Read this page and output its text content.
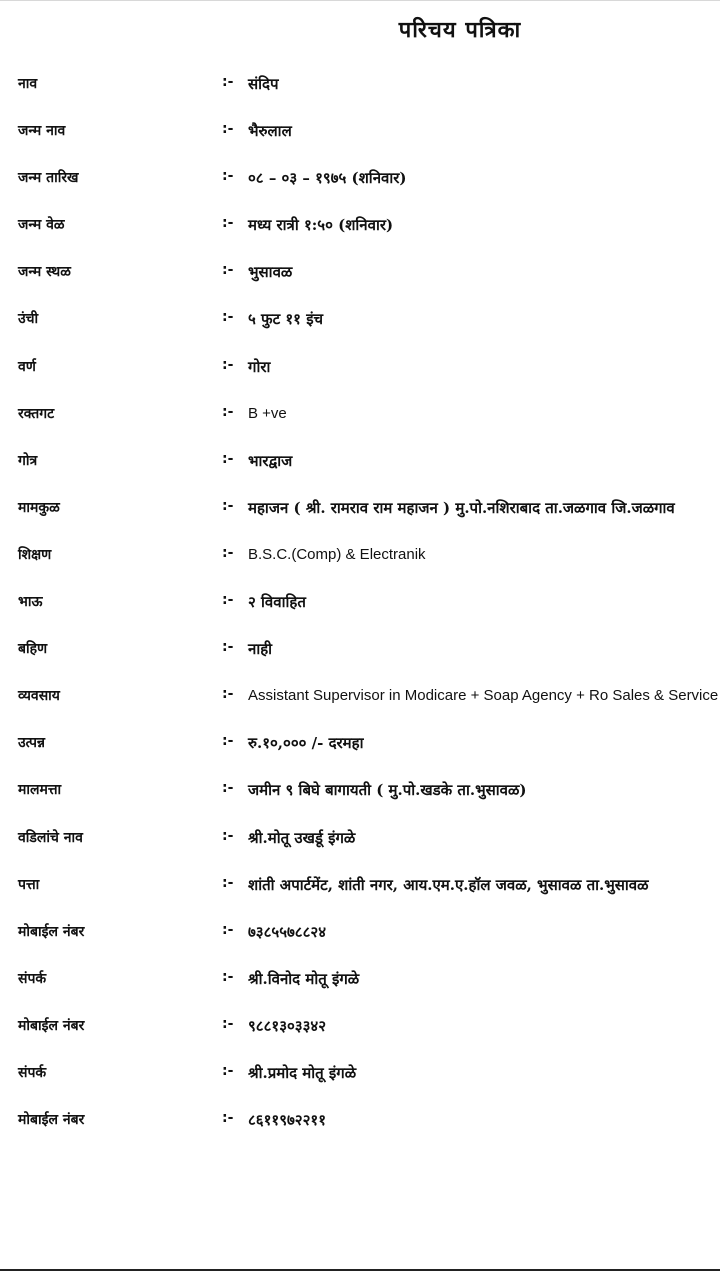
परिचय पत्रिका
नाव	:- संदिप
जन्म नाव	:- भैरुलाल
जन्म तारिख	:- ०८ – ०३ – १९७५ (शनिवार)
जन्म वेळ	:- मध्य रात्री १:५० (शनिवार)
जन्म स्थळ	:- भुसावळ
उंची	:- ५ फुट ११ इंच
वर्ण	:- गोरा
रक्तगट	:- B +ve
गोत्र	:- भारद्वाज
मामकुळ	:- महाजन ( श्री. रामराव राम महाजन ) मु.पो.नशिराबाद ता.जळगाव जि.जळगाव
शिक्षण	:- B.S.C.(Comp) & Electranik
भाऊ	:- २ विवाहित
बहिण	:- नाही
व्यवसाय	:- Assistant Supervisor in Modicare + Soap Agency + Ro Sales & Service
उत्पन्न	:- रु.१०,००० /- दरमहा
मालमत्ता	:- जमीन ९ बिघे बागायती ( मु.पो.खडके ता.भुसावळ)
वडिलांचे नाव	:- श्री.मोतू उखर्डू इंगळे
पत्ता	:- शांती अपार्टमेंट, शांती नगर, आय.एम.ए.हॉल जवळ, भुसावळ ता.भुसावळ
मोबाईल नंबर	:- ७३८५५७८८२४
संपर्क	:- श्री.विनोद मोतू इंगळे
मोबाईल नंबर	:- ९८८१३०३३४२
संपर्क	:- श्री.प्रमोद मोतू इंगळे
मोबाईल नंबर	:- ८६११९७२२११
